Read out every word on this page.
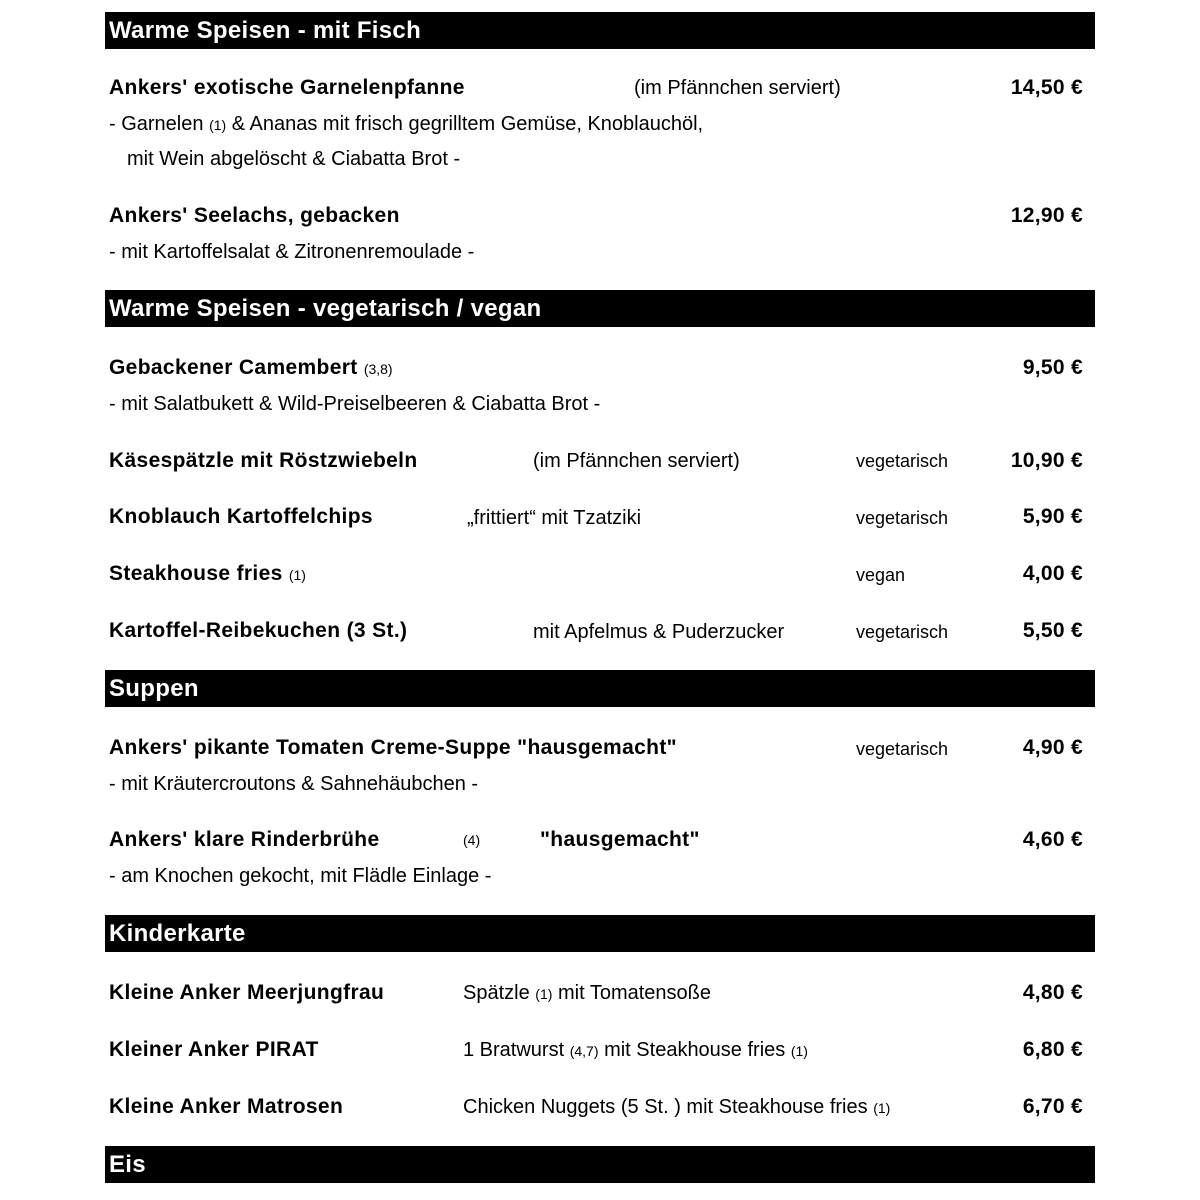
Warme Speisen - mit Fisch
Ankers' exotische Garnelenpfanne	(im Pfännchen serviert)	14,50 €
- Garnelen (1) & Ananas mit frisch gegrilltem Gemüse, Knoblauchöl,
mit Wein abgelöscht & Ciabatta Brot -
Ankers' Seelachs, gebacken	12,90 €
- mit Kartoffelsalat & Zitronenremoulade -
Warme Speisen - vegetarisch / vegan
Gebackener Camembert (3,8)	9,50 €
- mit Salatbukett & Wild-Preiselbeeren & Ciabatta Brot -
Käsespätzle mit Röstzwiebeln	(im Pfännchen serviert)	vegetarisch	10,90 €
Knoblauch Kartoffelchips	„frittiert“ mit Tzatziki	vegetarisch	5,90 €
Steakhouse fries (1)	vegan	4,00 €
Kartoffel-Reibekuchen (3 St.)	mit Apfelmus & Puderzucker	vegetarisch	5,50 €
Suppen
Ankers' pikante Tomaten Creme-Suppe "hausgemacht"	vegetarisch	4,90 €
- mit Kräutercroutons & Sahnehäubchen -
Ankers' klare Rinderbrühe	(4)	"hausgemacht"	4,60 €
- am Knochen gekocht, mit Flädle Einlage -
Kinderkarte
Kleine Anker Meerjungfrau	Spätzle (1) mit Tomatensoße	4,80 €
Kleiner Anker PIRAT	1 Bratwurst (4,7) mit Steakhouse fries (1)	6,80 €
Kleine Anker Matrosen	Chicken Nuggets (5 St. ) mit Steakhouse fries (1)	6,70 €
Eis
